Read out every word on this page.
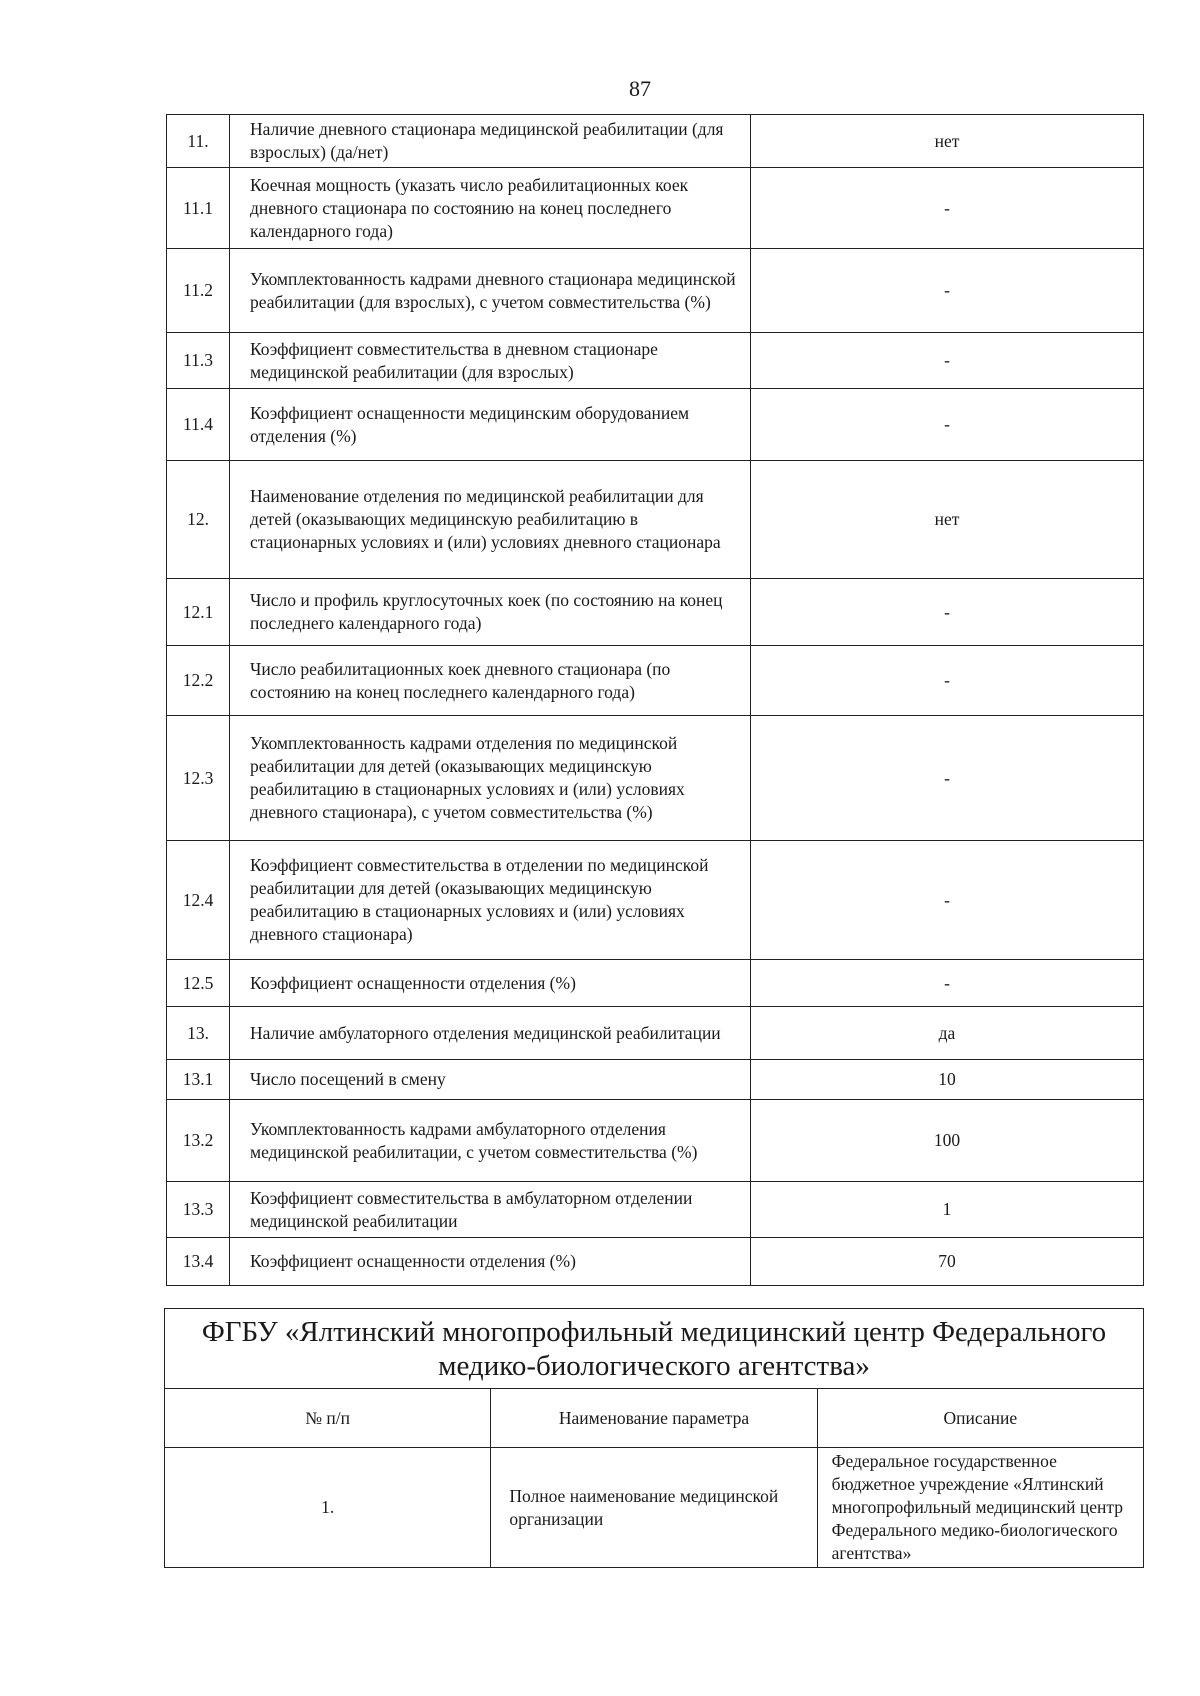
87
11.	Наличие дневного стационара медицинской реабилитации (для взрослых) (да/нет)	нет
11.1	Коечная мощность (указать число реабилитационных коек дневного стационара по состоянию на конец последнего календарного года)	-
11.2	Укомплектованность кадрами дневного стационара медицинской реабилитации (для взрослых), с учетом совместительства (%)	-
11.3	Коэффициент совместительства в дневном стационаре медицинской реабилитации (для взрослых)	-
11.4	Коэффициент оснащенности медицинским оборудованием отделения (%)	-
12.	Наименование отделения по медицинской реабилитации для детей (оказывающих медицинскую реабилитацию в стационарных условиях и (или) условиях дневного стационара	нет
12.1	Число и профиль круглосуточных коек (по состоянию на конец последнего календарного года)	-
12.2	Число реабилитационных коек дневного стационара (по состоянию на конец последнего календарного года)	-
12.3	Укомплектованность кадрами отделения по медицинской реабилитации для детей (оказывающих медицинскую реабилитацию в стационарных условиях и (или) условиях дневного стационара), с учетом совместительства (%)	-
12.4	Коэффициент совместительства в отделении по медицинской реабилитации для детей (оказывающих медицинскую реабилитацию в стационарных условиях и (или) условиях дневного стационара)	-
12.5	Коэффициент оснащенности отделения (%)	-
13.	Наличие амбулаторного отделения медицинской реабилитации	да
13.1	Число посещений в смену	10
13.2	Укомплектованность кадрами амбулаторного отделения медицинской реабилитации, с учетом совместительства (%)	100
13.3	Коэффициент совместительства в амбулаторном отделении медицинской реабилитации	1
13.4	Коэффициент оснащенности отделения (%)	70
ФГБУ «Ялтинский многопрофильный медицинский центр Федерального медико-биологического агентства»		
№ п/п	Наименование параметра	Описание
1.	Полное наименование медицинской организации	Федеральное государственное бюджетное учреждение «Ялтинский многопрофильный медицинский центр Федерального медико-биологического агентства»
